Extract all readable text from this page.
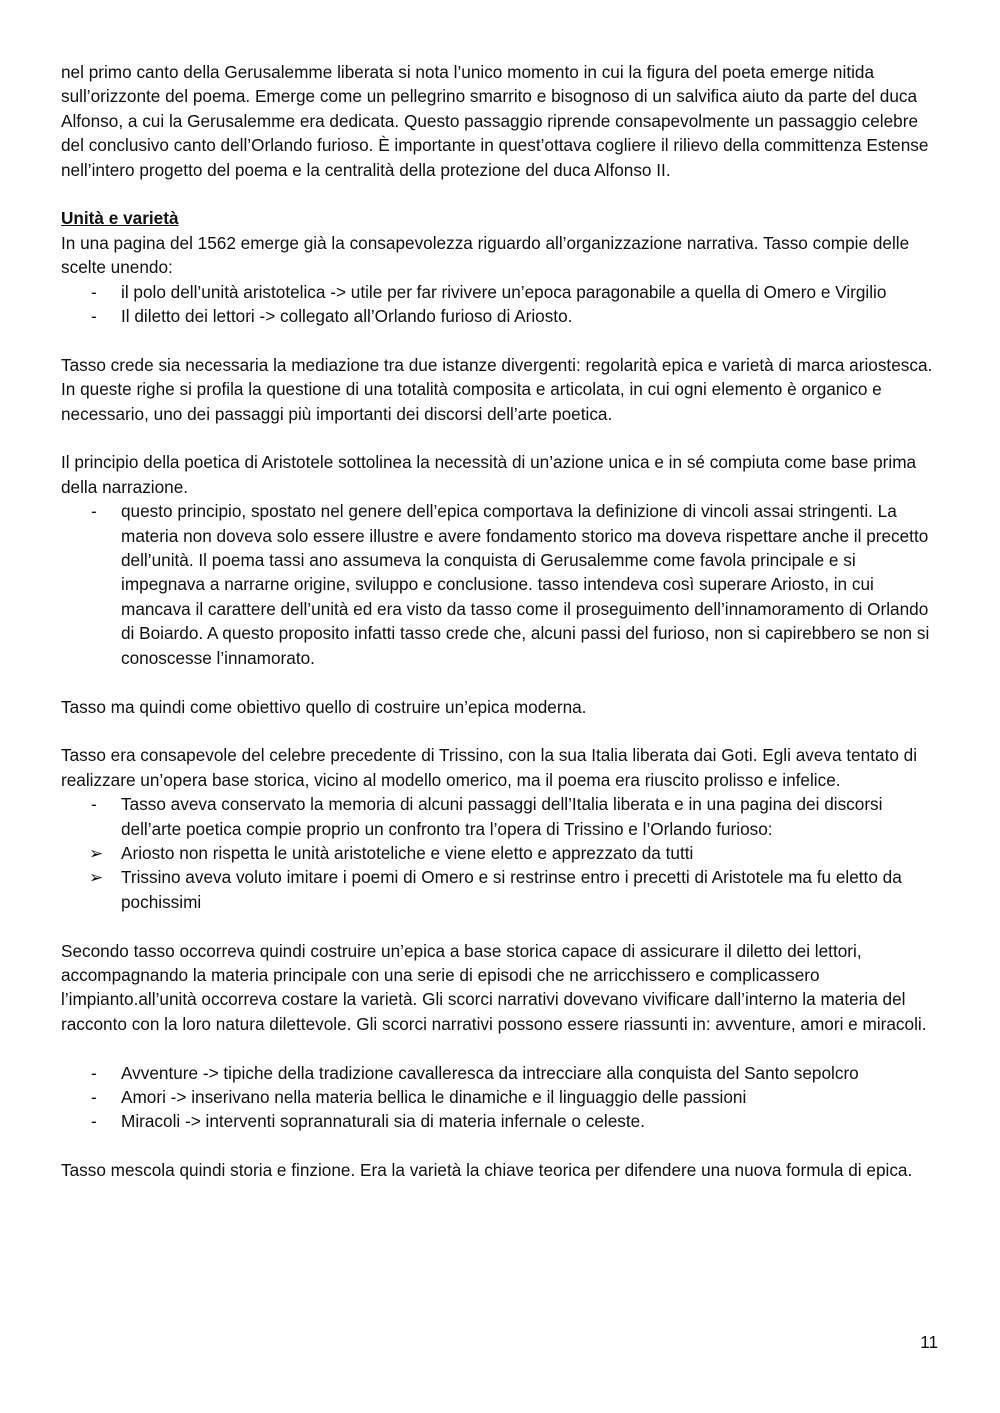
nel primo canto della Gerusalemme liberata si nota l’unico momento in cui la figura del poeta emerge nitida sull’orizzonte del poema. Emerge come un pellegrino smarrito e bisognoso di un salvifica aiuto da parte del duca Alfonso, a cui la Gerusalemme era dedicata. Questo passaggio riprende consapevolmente un passaggio celebre del conclusivo canto dell’Orlando furioso. È importante in quest’ottava cogliere il rilievo della committenza Estense nell’intero progetto del poema e la centralità della protezione del duca Alfonso II.

Unità e varietà

In una pagina del 1562 emerge già la consapevolezza riguardo all’organizzazione narrativa. Tasso compie delle scelte unendo:

- il polo dell’unità aristotelica -> utile per far rivivere un’epoca paragonabile a quella di Omero e Virgilio
- Il diletto dei lettori -> collegato all’Orlando furioso di Ariosto.

Tasso crede sia necessaria la mediazione tra due istanze divergenti: regolarità epica e varietà di marca ariostesca. In queste righe si profila la questione di una totalità composita e articolata, in cui ogni elemento è organico e necessario, uno dei passaggi più importanti dei discorsi dell’arte poetica.

Il principio della poetica di Aristotele sottolinea la necessità di un’azione unica e in sé compiuta come base prima della narrazione.

- questo principio, spostato nel genere dell’epica comportava la definizione di vincoli assai stringenti. La materia non doveva solo essere illustre e avere fondamento storico ma doveva rispettare anche il precetto dell’unità. Il poema tassi ano assumeva la conquista di Gerusalemme come favola principale e si impegnava a narrarne origine, sviluppo e conclusione. tasso intendeva così superare Ariosto, in cui mancava il carattere dell’unità ed era visto da tasso come il proseguimento dell’innamoramento di Orlando di Boiardo. A questo proposito infatti tasso crede che, alcuni passi del furioso, non si capirebbero se non si conoscesse l’innamorato.

Tasso ma quindi come obiettivo quello di costruire un’epica moderna.

Tasso era consapevole del celebre precedente di Trissino, con la sua Italia liberata dai Goti. Egli aveva tentato di realizzare un’opera base storica, vicino al modello omerico, ma il poema era riuscito prolisso e infelice.

- Tasso aveva conservato la memoria di alcuni passaggi dell’Italia liberata e in una pagina dei discorsi dell’arte poetica compie proprio un confronto tra l’opera di Trissino e l’Orlando furioso:
➢ Ariosto non rispetta le unità aristoteliche e viene eletto e apprezzato da tutti
➢ Trissino aveva voluto imitare i poemi di Omero e si restrinse entro i precetti di Aristotele ma fu eletto da pochissimi

Secondo tasso occorreva quindi costruire un’epica a base storica capace di assicurare il diletto dei lettori, accompagnando la materia principale con una serie di episodi che ne arricchissero e complicassero l’impianto.all’unità occorreva costare la varietà. Gli scorci narrativi dovevano vivificare dall’interno la materia del racconto con la loro natura dilettevole. Gli scorci narrativi possono essere riassunti in: avventure, amori e miracoli.

- Avventure -> tipiche della tradizione cavalleresca da intrecciare alla conquista del Santo sepolcro
- Amori -> inserivano nella materia bellica le dinamiche e il linguaggio delle passioni
- Miracoli -> interventi soprannaturali sia di materia infernale o celeste.

Tasso mescola quindi storia e finzione. Era la varietà la chiave teorica per difendere una nuova formula di epica.

11
